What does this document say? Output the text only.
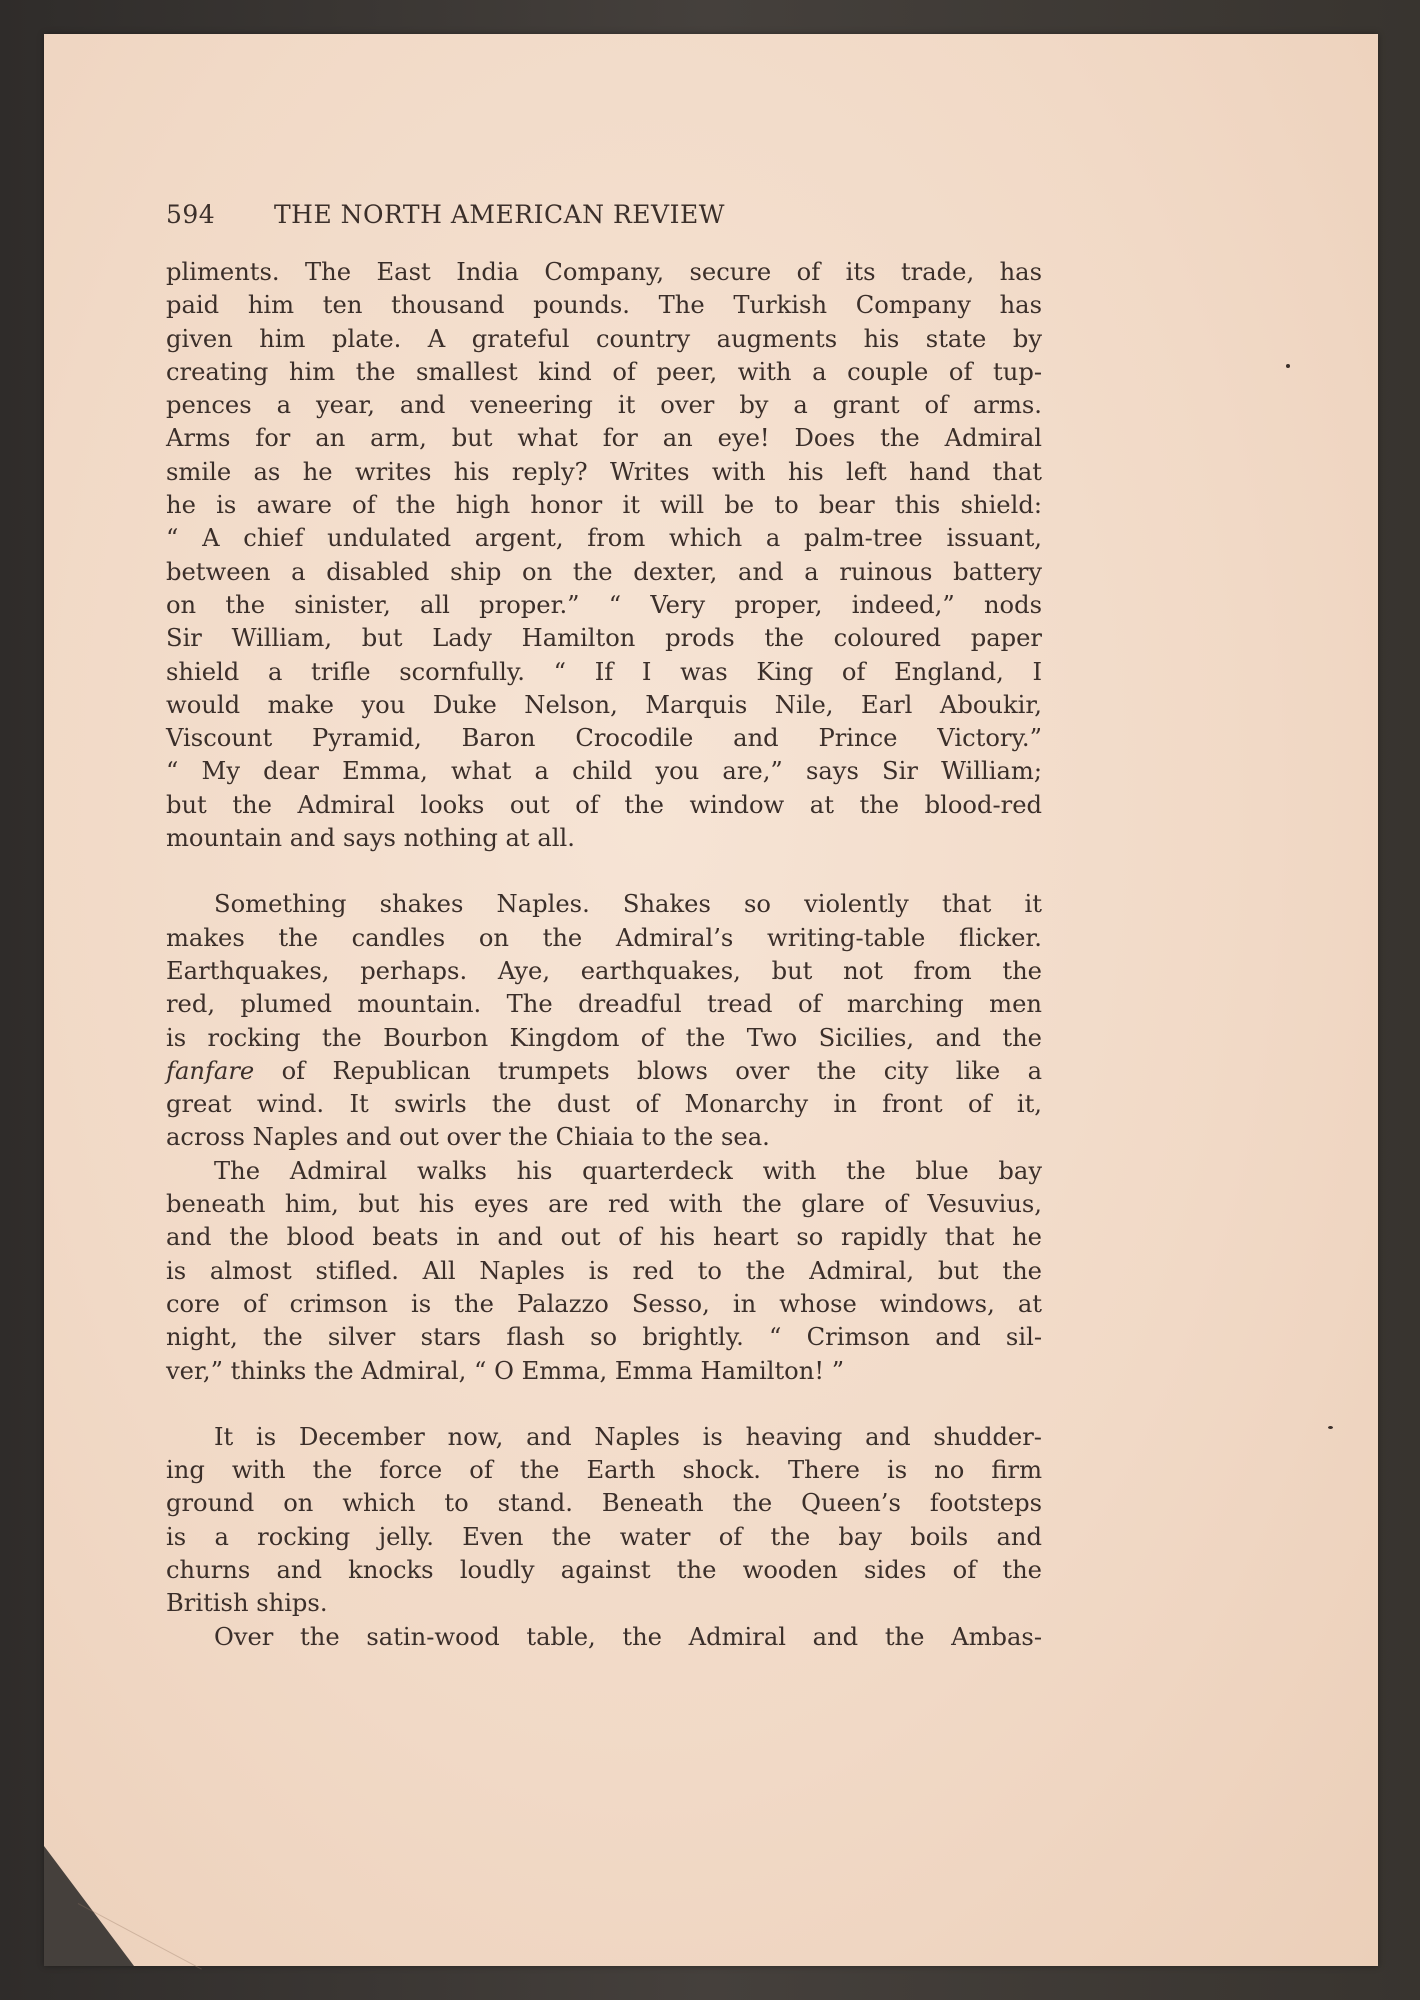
594 THE NORTH AMERICAN REVIEW
pliments. The East India Company, secure of its trade, has
paid him ten thousand pounds. The Turkish Company has
given him plate. A grateful country augments his state by
creating him the smallest kind of peer, with a couple of tup-
pences a year, and veneering it over by a grant of arms.
Arms for an arm, but what for an eye! Does the Admiral
smile as he writes his reply? Writes with his left hand that
he is aware of the high honor it will be to bear this shield:
“ A chief undulated argent, from which a palm-tree issuant,
between a disabled ship on the dexter, and a ruinous battery
on the sinister, all proper.” “ Very proper, indeed,” nods
Sir William, but Lady Hamilton prods the coloured paper
shield a trifle scornfully. “ If I was King of England, I
would make you Duke Nelson, Marquis Nile, Earl Aboukir,
Viscount Pyramid, Baron Crocodile and Prince Victory.”
“ My dear Emma, what a child you are,” says Sir William;
but the Admiral looks out of the window at the blood-red
mountain and says nothing at all.
Something shakes Naples. Shakes so violently that it
makes the candles on the Admiral’s writing-table flicker.
Earthquakes, perhaps. Aye, earthquakes, but not from the
red, plumed mountain. The dreadful tread of marching men
is rocking the Bourbon Kingdom of the Two Sicilies, and the
fanfare of Republican trumpets blows over the city like a
great wind. It swirls the dust of Monarchy in front of it,
across Naples and out over the Chiaia to the sea.
The Admiral walks his quarterdeck with the blue bay
beneath him, but his eyes are red with the glare of Vesuvius,
and the blood beats in and out of his heart so rapidly that he
is almost stifled. All Naples is red to the Admiral, but the
core of crimson is the Palazzo Sesso, in whose windows, at
night, the silver stars flash so brightly. “ Crimson and sil-
ver,” thinks the Admiral, “ O Emma, Emma Hamilton! ”
It is December now, and Naples is heaving and shudder-
ing with the force of the Earth shock. There is no firm
ground on which to stand. Beneath the Queen’s footsteps
is a rocking jelly. Even the water of the bay boils and
churns and knocks loudly against the wooden sides of the
British ships.
Over the satin-wood table, the Admiral and the Ambas-
